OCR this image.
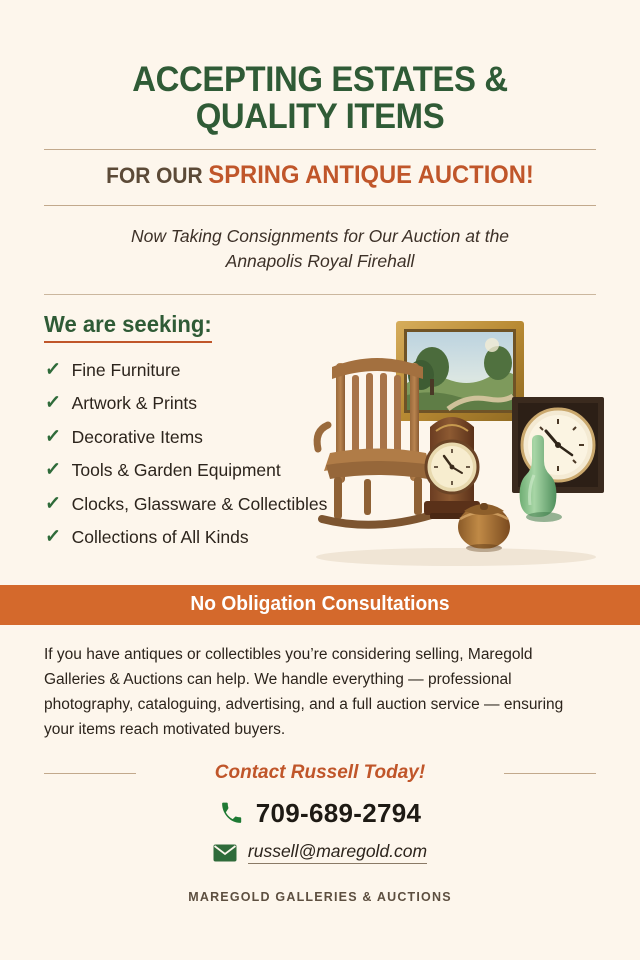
ACCEPTING ESTATES & QUALITY ITEMS
FOR OUR SPRING ANTIQUE AUCTION!
Now Taking Consignments for Our Auction at the
Annapolis Royal Firehall
We are seeking:
✓ Fine Furniture
✓ Artwork & Prints
✓ Decorative Items
✓ Tools & Garden Equipment
✓ Clocks, Glassware & Collectibles
✓ Collections of All Kinds
No Obligation Consultations
If you have antiques or collectibles you’re considering selling, Maregold Galleries & Auctions can help. We handle everything — professional photography, cataloguing, advertising, and a full auction service — ensuring your items reach motivated buyers.
Contact Russell Today!
709-689-2794
russell@maregold.com
MAREGOLD GALLERIES & AUCTIONS
